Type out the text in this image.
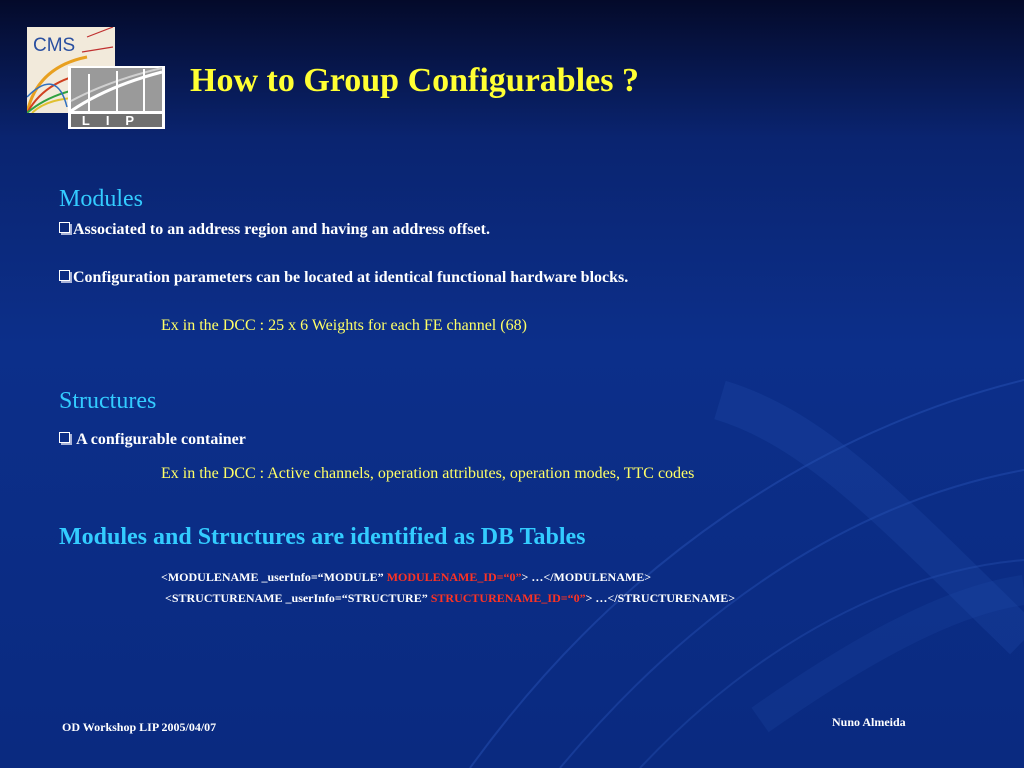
CMS
LIP
How to Group Configurables ?
Modules

Associated to an address region and having an address offset.

Configuration parameters can be located at identical functional hardware blocks.

Ex in the DCC : 25 x 6 Weights for each FE channel (68)

Structures

A configurable container

Ex in the DCC : Active channels, operation attributes, operation modes, TTC codes

Modules and Structures are identified as DB Tables

<MODULENAME _userInfo=“MODULE” MODULENAME_ID=“0”> …</MODULENAME>

<STRUCTURENAME _userInfo=“STRUCTURE” STRUCTURENAME_ID=“0”> …</STRUCTURENAME>

OD Workshop LIP 2005/04/07	Nuno Almeida
